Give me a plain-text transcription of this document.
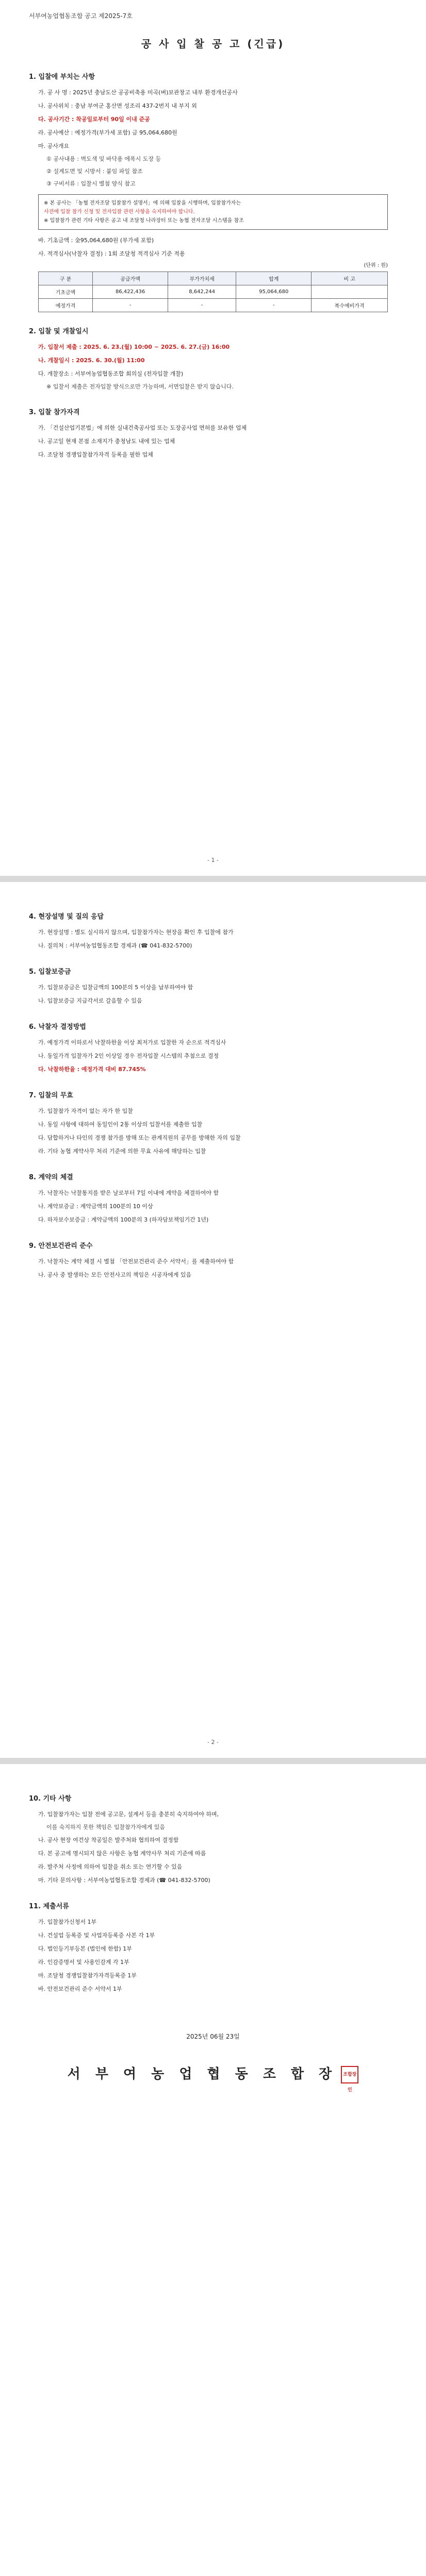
서부여농업협동조합 공고 제2025-7호
공 사 입 찰 공 고 (긴급)
1. 입찰에 부치는 사항
가. 공 사 명 : 2025년 충남도산 공공비축용 미곡(벼)보관창고 내부 환경개선공사
나. 공사위치 : 충남 부여군 홍산면 성조리 437-2번지 내 부지 외
다. 공사기간 : 착공일로부터 90일 이내 준공
라. 공사예산 : 예정가격(부가세 포함) 금 95,064,680원
마. 공사개요
① 공사내용 : 벽도색 및 바닥용 에폭시 도장 등
② 설계도면 및 시방서 : 붙임 파일 참조
③ 구비서류 : 입찰시 별첨 양식 참고
※ 본 공사는 「농협 전자조달 입찰참가 설명서」에 의해 입찰을 시행하며, 입찰참가자는
사전에 입찰 참가 신청 및 전자입찰 관련 사항을 숙지하여야 합니다.
※ 입찰참가 관련 기타 사항은 공고 내 조달청 나라장터 또는 농협 전자조달 시스템을 참조
바. 기초금액 : 金95,064,680원 (부가세 포함)
사. 적격심사(낙찰자 결정) : 1회 조달청 적격심사 기준 적용
(단위 : 원)
구 분	공급가액	부가가치세	합계	비 고
기초금액	86,422,436	8,642,244	95,064,680	
예정가격	-	-	-	복수예비가격
2. 입찰 및 개찰일시
가. 입찰서 제출 : 2025. 6. 23.(월) 10:00 ~ 2025. 6. 27.(금) 16:00
나. 개찰일시 : 2025. 6. 30.(월) 11:00
다. 개찰장소 : 서부여농업협동조합 회의실 (전자입찰 개찰)
※ 입찰서 제출은 전자입찰 방식으로만 가능하며, 서면입찰은 받지 않습니다.
3. 입찰 참가자격
가. 「건설산업기본법」에 의한 실내건축공사업 또는 도장공사업 면허를 보유한 업체
나. 공고일 현재 본점 소재지가 충청남도 내에 있는 업체
다. 조달청 경쟁입찰참가자격 등록을 필한 업체
- 1 -
4. 현장설명 및 질의 응답
가. 현장설명 : 별도 실시하지 않으며, 입찰참가자는 현장을 확인 후 입찰에 참가
나. 질의처 : 서부여농업협동조합 경제과 (☎ 041-832-5700)
5. 입찰보증금
가. 입찰보증금은 입찰금액의 100분의 5 이상을 납부하여야 함
나. 입찰보증금 지급각서로 갈음할 수 있음
6. 낙찰자 결정방법
가. 예정가격 이하로서 낙찰하한율 이상 최저가로 입찰한 자 순으로 적격심사
나. 동일가격 입찰자가 2인 이상일 경우 전자입찰 시스템의 추첨으로 결정
다. 낙찰하한율 : 예정가격 대비 87.745%
7. 입찰의 무효
가. 입찰참가 자격이 없는 자가 한 입찰
나. 동일 사항에 대하여 동일인이 2통 이상의 입찰서를 제출한 입찰
다. 담합하거나 타인의 경쟁 참가를 방해 또는 관계직원의 공무를 방해한 자의 입찰
라. 기타 농협 계약사무 처리 기준에 의한 무효 사유에 해당하는 입찰
8. 계약의 체결
가. 낙찰자는 낙찰통지를 받은 날로부터 7일 이내에 계약을 체결하여야 함
나. 계약보증금 : 계약금액의 100분의 10 이상
다. 하자보수보증금 : 계약금액의 100분의 3 (하자담보책임기간 1년)
9. 안전보건관리 준수
가. 낙찰자는 계약 체결 시 별첨 「안전보건관리 준수 서약서」를 제출하여야 함
나. 공사 중 발생하는 모든 안전사고의 책임은 시공자에게 있음
- 2 -
10. 기타 사항
가. 입찰참가자는 입찰 전에 공고문, 설계서 등을 충분히 숙지하여야 하며,
이를 숙지하지 못한 책임은 입찰참가자에게 있음
나. 공사 현장 여건상 착공일은 발주처와 협의하여 결정함
다. 본 공고에 명시되지 않은 사항은 농협 계약사무 처리 기준에 따름
라. 발주처 사정에 의하여 입찰을 취소 또는 연기할 수 있음
마. 기타 문의사항 : 서부여농업협동조합 경제과 (☎ 041-832-5700)
11. 제출서류
가. 입찰참가신청서 1부
나. 건설업 등록증 및 사업자등록증 사본 각 1부
다. 법인등기부등본 (법인에 한함) 1부
라. 인감증명서 및 사용인감계 각 1부
마. 조달청 경쟁입찰참가자격등록증 1부
바. 안전보건관리 준수 서약서 1부
2025년 06월 23일
서 부 여 농 업 협 동 조 합 장 조합장인
